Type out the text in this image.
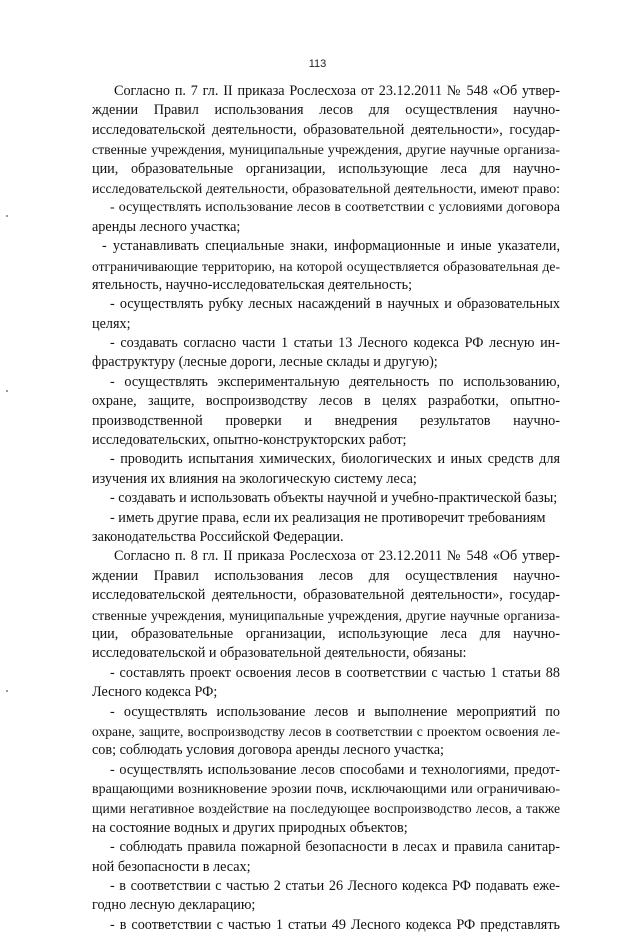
113
Согласно п. 7 гл. II приказа Рослесхоза от 23.12.2011 № 548 «Об утвер-
ждении Правил использования лесов для осуществления научно-
исследовательской деятельности, образовательной деятельности», государ-
ственные учреждения, муниципальные учреждения, другие научные организа-
ции, образовательные организации, использующие леса для научно-
исследовательской деятельности, образовательной деятельности, имеют право:
- осуществлять использование лесов в соответствии с условиями договора
аренды лесного участка;
- устанавливать специальные знаки, информационные и иные указатели,
отграничивающие территорию, на которой осуществляется образовательная де-
ятельность, научно-исследовательская деятельность;
- осуществлять рубку лесных насаждений в научных и образовательных
целях;
- создавать согласно части 1 статьи 13 Лесного кодекса РФ лесную ин-
фраструктуру (лесные дороги, лесные склады и другую);
- осуществлять экспериментальную деятельность по использованию,
охране, защите, воспроизводству лесов в целях разработки, опытно-
производственной проверки и внедрения результатов научно-
исследовательских, опытно-конструкторских работ;
- проводить испытания химических, биологических и иных средств для
изучения их влияния на экологическую систему леса;
- создавать и использовать объекты научной и учебно-практической базы;
- иметь другие права, если их реализация не противоречит требованиям
законодательства Российской Федерации.
Согласно п. 8 гл. II приказа Рослесхоза от 23.12.2011 № 548 «Об утвер-
ждении Правил использования лесов для осуществления научно-
исследовательской деятельности, образовательной деятельности», государ-
ственные учреждения, муниципальные учреждения, другие научные организа-
ции, образовательные организации, использующие леса для научно-
исследовательской и образовательной деятельности, обязаны:
- составлять проект освоения лесов в соответствии с частью 1 статьи 88
Лесного кодекса РФ;
- осуществлять использование лесов и выполнение мероприятий по
охране, защите, воспроизводству лесов в соответствии с проектом освоения ле-
сов; соблюдать условия договора аренды лесного участка;
- осуществлять использование лесов способами и технологиями, предот-
вращающими возникновение эрозии почв, исключающими или ограничиваю-
щими негативное воздействие на последующее воспроизводство лесов, а также
на состояние водных и других природных объектов;
- соблюдать правила пожарной безопасности в лесах и правила санитар-
ной безопасности в лесах;
- в соответствии с частью 2 статьи 26 Лесного кодекса РФ подавать еже-
годно лесную декларацию;
- в соответствии с частью 1 статьи 49 Лесного кодекса РФ представлять
